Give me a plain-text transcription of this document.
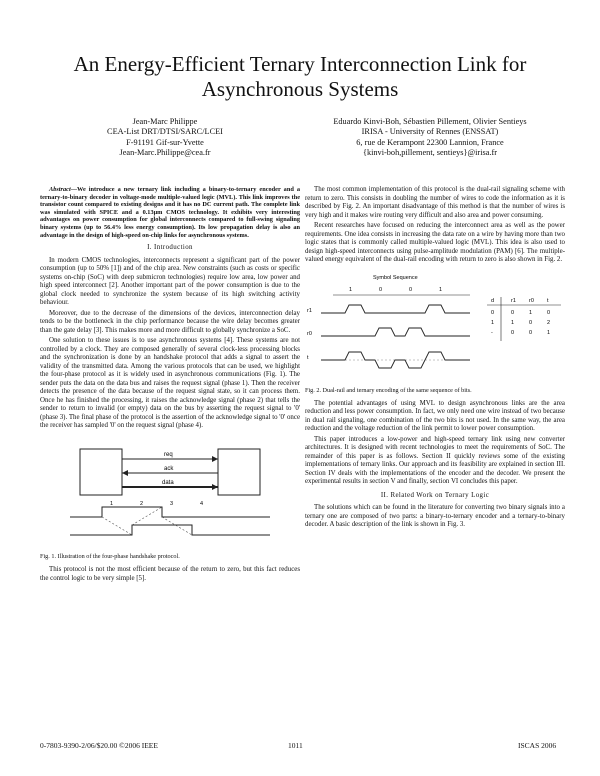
An Energy-Efficient Ternary Interconnection Link for
Asynchronous Systems
Jean-Marc Philippe
CEA-List DRT/DTSI/SARC/LCEI
F-91191 Gif-sur-Yvette
Jean-Marc.Philippe@cea.fr
Eduardo Kinvi-Boh, Sébastien Pillement, Olivier Sentieys
IRISA - University of Rennes (ENSSAT)
6, rue de Kerampont 22300 Lannion, France
{kinvi-boh,pillement, sentieys}@irisa.fr

Abstract—We introduce a new ternary link including a binary-to-ternary encoder and a ternary-to-binary decoder in voltage-mode multiple-valued logic (MVL). This link improves the transistor count compared to existing designs and it has no DC current path. The complete link was simulated with SPICE and a 0.13μm CMOS technology. It exhibits very interesting advantages on power consumption for global interconnects compared to full-swing signaling binary systems (up to 56.4% less energy consumption). Its low propagation delay is also an advantage in the design of high-speed on-chip links for asynchronous systems.

I. Introduction

In modern CMOS technologies, interconnects represent a significant part of the power consumption (up to 50% [1]) and of the chip area. New constraints (such as costs or specific systems on-chip (SoC) with deep submicron technologies) require low area, low power and high speed interconnect [2]. Another important part of the power consumption is due to the global clock needed to synchronize the system because of its high switching activity behaviour.

Moreover, due to the decrease of the dimensions of the devices, interconnection delay tends to be the bottleneck in the chip performance because the wire delay becomes greater than the gate delay [3]. This makes more and more difficult to globally synchronize a SoC.

One solution to these issues is to use asynchronous systems [4]. These systems are not controlled by a clock. They are composed generally of several clock-less processing blocks and the synchronization is done by an handshake protocol that adds a signal to assert the validity of the transmitted data. Among the various protocols that can be used, we highlight the four-phase protocol as it is widely used in asynchronous communications (Fig. 1). The sender puts the data on the data bus and raises the request signal (phase 1). Then the receiver detects the presence of the data because of the request signal state, so it can process them. Once he has finished the processing, it raises the acknowledge signal (phase 2) that tells the sender to return to invalid (or empty) data on the bus by asserting the request signal to '0' (phase 3). The final phase of the protocol is the assertion of the acknowledge signal to '0' once the receiver has sampled '0' on the request signal (phase 4).

req
ack
data
1	2	3	4
Fig. 1. Illustration of the four-phase handshake protocol.

This protocol is not the most efficient because of the return to zero, but this fact reduces the control logic to be very simple [5].

The most common implementation of this protocol is the dual-rail signaling scheme with return to zero. This consists in doubling the number of wires to code the information as it is described by Fig. 2. An important disadvantage of this method is that the number of wires is very high and it makes wire routing very difficult and also area and power consuming.

Recent researches have focused on reducing the interconnect area as well as the power requirements. One idea consists in increasing the data rate on a wire by having more than two logic states that is commonly called multiple-valued logic (MVL). This idea is also used to design high-speed interconnects using pulse-amplitude modulation (PAM) [6]. The multiple-valued energy equivalent of the dual-rail encoding with return to zero is also shown in Fig. 2.

Symbol Sequence
1	0	0	1
r1
r0
t
d	r1 r0 t
0	0	1	0
1	1	0	2
-	0	0	1
Fig. 2. Dual-rail and ternary encoding of the same sequence of bits.

The potential advantages of using MVL to design asynchronous links are the area reduction and less power consumption. In fact, we only need one wire instead of two because in dual rail signaling, one combination of the two bits is not used. In the same way, the area reduction and the voltage reduction of the link permit to lower power consumption.

This paper introduces a low-power and high-speed ternary link using new converter architectures. It is designed with recent technologies to meet the requirements of SoC. The remainder of this paper is as follows. Section II quickly reviews some of the existing implementations of ternary links. Our approach and its feasibility are explained in section III. Section IV deals with the implementations of the encoder and the decoder. We present the experimental results in section V and finally, section VI concludes this paper.

II. Related Work on Ternary Logic

The solutions which can be found in the literature for converting two binary signals into a ternary one are composed of two parts: a binary-to-ternary encoder and a ternary-to-binary decoder. A basic description of the link is shown in Fig. 3.

0-7803-9390-2/06/$20.00 ©2006 IEEE	1011	ISCAS 2006
